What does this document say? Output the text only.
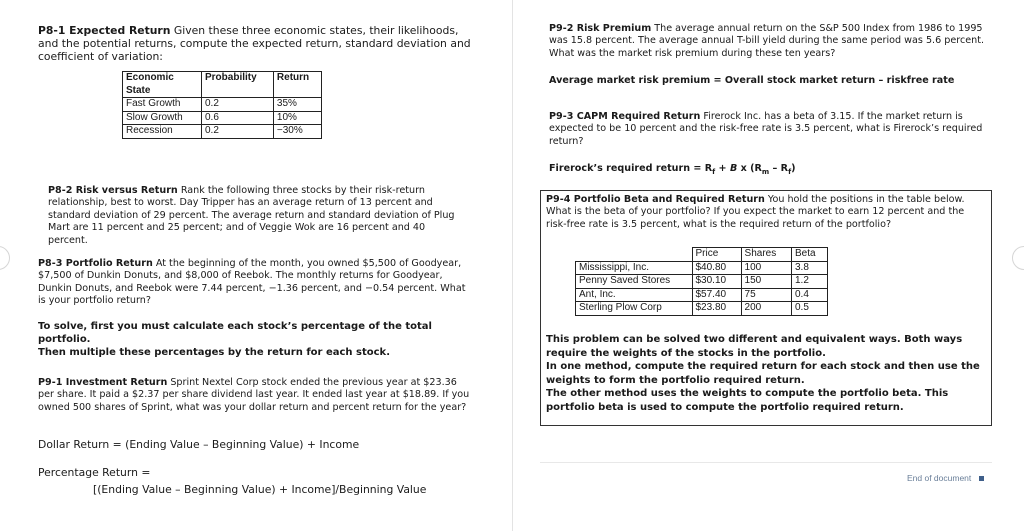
P8-1 Expected Return Given these three economic states, their likelihoods, and the potential returns, compute the expected return, standard deviation and coefficient of variation:
Economic State	Probability	Return
Fast Growth	0.2	35%
Slow Growth	0.6	10%
Recession	0.2	−30%
P8-2 Risk versus Return Rank the following three stocks by their risk-return relationship, best to worst. Day Tripper has an average return of 13 percent and standard deviation of 29 percent. The average return and standard deviation of Plug Mart are 11 percent and 25 percent; and of Veggie Wok are 16 percent and 40 percent.
P8-3 Portfolio Return At the beginning of the month, you owned $5,500 of Goodyear, $7,500 of Dunkin Donuts, and $8,000 of Reebok. The monthly returns for Goodyear, Dunkin Donuts, and Reebok were 7.44 percent, −1.36 percent, and −0.54 percent. What is your portfolio return?
To solve, first you must calculate each stock’s percentage of the total portfolio.
Then multiple these percentages by the return for each stock.
P9-1 Investment Return Sprint Nextel Corp stock ended the previous year at $23.36 per share. It paid a $2.37 per share dividend last year. It ended last year at $18.89. If you owned 500 shares of Sprint, what was your dollar return and percent return for the year?
Dollar Return = (Ending Value – Beginning Value) + Income
Percentage Return =
[(Ending Value – Beginning Value) + Income]/Beginning Value
P9-2 Risk Premium The average annual return on the S&P 500 Index from 1986 to 1995 was 15.8 percent. The average annual T-bill yield during the same period was 5.6 percent. What was the market risk premium during these ten years?
Average market risk premium = Overall stock market return – riskfree rate
P9-3 CAPM Required Return Firerock Inc. has a beta of 3.15. If the market return is expected to be 10 percent and the risk-free rate is 3.5 percent, what is Firerock’s required return?
Firerock’s required return = $R_f + B$ x $(R_m - R_f)$
P9-4 Portfolio Beta and Required Return You hold the positions in the table below. What is the beta of your portfolio? If you expect the market to earn 12 percent and the risk-free rate is 3.5 percent, what is the required return of the portfolio?
	Price	Shares	Beta
Mississippi, Inc.	$40.80	100	3.8
Penny Saved Stores	$30.10	150	1.2
Ant, Inc.	$57.40	75	0.4
Sterling Plow Corp	$23.80	200	0.5
This problem can be solved two different and equivalent ways. Both ways require the weights of the stocks in the portfolio.
In one method, compute the required return for each stock and then use the weights to form the portfolio required return.
The other method uses the weights to compute the portfolio beta. This portfolio beta is used to compute the portfolio required return.
End of document
